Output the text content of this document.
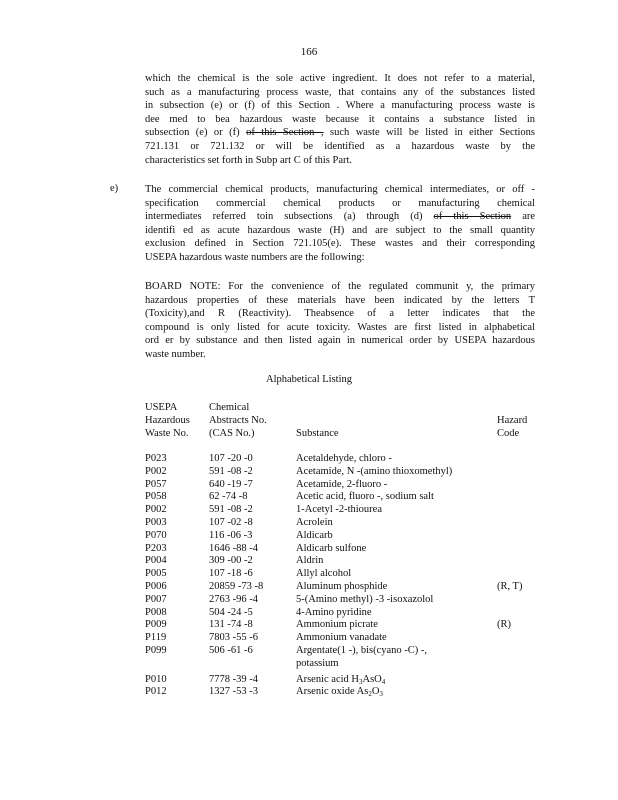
166
which the chemical is the sole active ingredient. It does not refer to a material,
such as a manufacturing process waste, that contains any of the substances listed
in subsection (e) or (f) of this Section . Where a manufacturing process waste is
dee med to bea hazardous waste because it contains a substance listed in
subsection (e) or (f) of this Section , such waste will be listed in either Sections
721.131 or 721.132 or will be identified as a hazardous waste by the
characteristics set forth in Subp art C of this Part.
e)	The commercial chemical products, manufacturing chemical intermediates, or off -
specification commercial chemical products or manufacturing chemical
intermediates referred toin subsections (a) through (d) of this Section are
identifi ed as acute hazardous waste (H) and are subject to the small quantity
exclusion defined in Section 721.105(e). These wastes and their corresponding
USEPA hazardous waste numbers are the following:
BOARD NOTE: For the convenience of the regulated communit y, the primary
hazardous properties of these materials have been indicated by the letters T
(Toxicity),and R (Reactivity). Theabsence of a letter indicates that the
compound is only listed for acute toxicity. Wastes are first listed in alphabetical
ord er by substance and then listed again in numerical order by USEPA hazardous
waste number.
Alphabetical Listing
USEPA
Hazardous
Waste No.
Chemical
Abstracts No.
(CAS No.)	Substance
Hazard
Code
P023	107 -20 -0	Acetaldehyde, chloro -
P002	591 -08 -2	Acetamide, N -(amino thioxomethyl)
P057	640 -19 -7	Acetamide, 2-fluoro -
P058	62 -74 -8	Acetic acid, fluoro -, sodium salt
P002	591 -08 -2	1-Acetyl -2-thiourea
P003	107 -02 -8	Acrolein
P070	116 -06 -3	Aldicarb
P203	1646 -88 -4	Aldicarb sulfone
P004	309 -00 -2	Aldrin
P005	107 -18 -6	Allyl alcohol
P006	20859 -73 -8	Aluminum phosphide	(R, T)
P007	2763 -96 -4	5-(Amino methyl) -3 -isoxazolol
P008	504 -24 -5	4-Amino pyridine
P009	131 -74 -8	Ammonium picrate	(R)
P119	7803 -55 -6	Ammonium vanadate
P099	506 -61 -6	Argentate(1 -), bis(cyano -C) -,
potassium
P010	7778 -39 -4	Arsenic acid $H_3AsO_4$
P012	1327 -53 -3	Arsenic oxide $As_2O_3$
